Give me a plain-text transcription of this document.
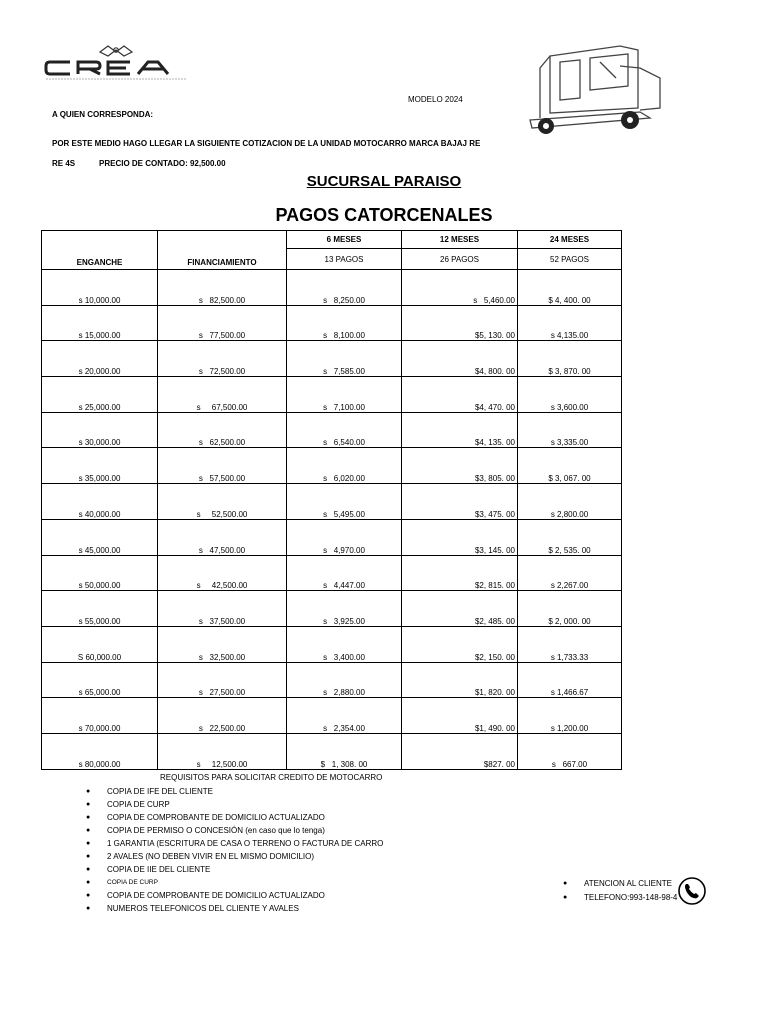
MODELO 2024
A QUIEN CORRESPONDA:
POR ESTE MEDIO HAGO LLEGAR LA SIGUIENTE COTIZACION DE LA UNIDAD MOTOCARRO MARCA BAJAJ RE
RE 4S	PRECIO DE CONTADO: 92,500.00
SUCURSAL PARAISO
PAGOS CATORCENALES
ENGANCHE	FINANCIAMIENTO	6 MESES	12 MESES	24 MESES
		13 PAGOS	26 PAGOS	52 PAGOS
s 10,000.00	s   82,500.00	s   8,250.00	s   5,460.00	$ 4, 400. 00
s 15,000.00	s   77,500.00	s   8,100.00	$5, 130. 00	s 4,135.00
s 20,000.00	s   72,500.00	s   7,585.00	$4, 800. 00	$ 3, 870. 00
s 25,000.00	s     67,500.00	s   7,100.00	$4, 470. 00	s 3,600.00
s 30,000.00	s   62,500.00	s   6,540.00	$4, 135. 00	s 3,335.00
s 35,000.00	s   57,500.00	s   6,020.00	$3, 805. 00	$ 3, 067. 00
s 40,000.00	s     52,500.00	s   5,495.00	$3, 475. 00	s 2,800.00
s 45,000.00	s   47,500.00	s   4,970.00	$3, 145. 00	$ 2, 535. 00
s 50,000.00	s     42,500.00	s   4,447.00	$2, 815. 00	s 2,267.00
s 55,000.00	s   37,500.00	s   3,925.00	$2, 485. 00	$ 2, 000. 00
S 60,000.00	s   32,500.00	s   3,400.00	$2, 150. 00	s 1,733.33
s 65,000.00	s   27,500.00	s   2,880.00	$1, 820. 00	s 1,466.67
s 70,000.00	s   22,500.00	s   2,354.00	$1, 490. 00	s 1,200.00
s 80,000.00	s     12,500.00	$   1, 308. 00	$827. 00	s   667.00
REQUISITOS PARA SOLICITAR CREDITO DE MOTOCARRO
● COPIA DE IFE DEL CLIENTE
● COPIA DE CURP
● COPIA DE COMPROBANTE DE DOMICILIO ACTUALIZADO
● COPIA DE PERMISO O CONCESIÓN (en caso que lo tenga)
● 1 GARANTIA (ESCRITURA DE CASA O TERRENO O FACTURA DE CARRO
● 2 AVALES (NO DEBEN VIVIR EN EL MISMO DOMICILIO)
● COPIA DE IIE DEL CLIENTE
● COPIA DE CURP
● COPIA DE COMPROBANTE DE DOMICILIO ACTUALIZADO
● NUMEROS TELEFONICOS DEL CLIENTE Y AVALES
● ATENCION AL CLIENTE
● TELEFONO:993-148-98-4
